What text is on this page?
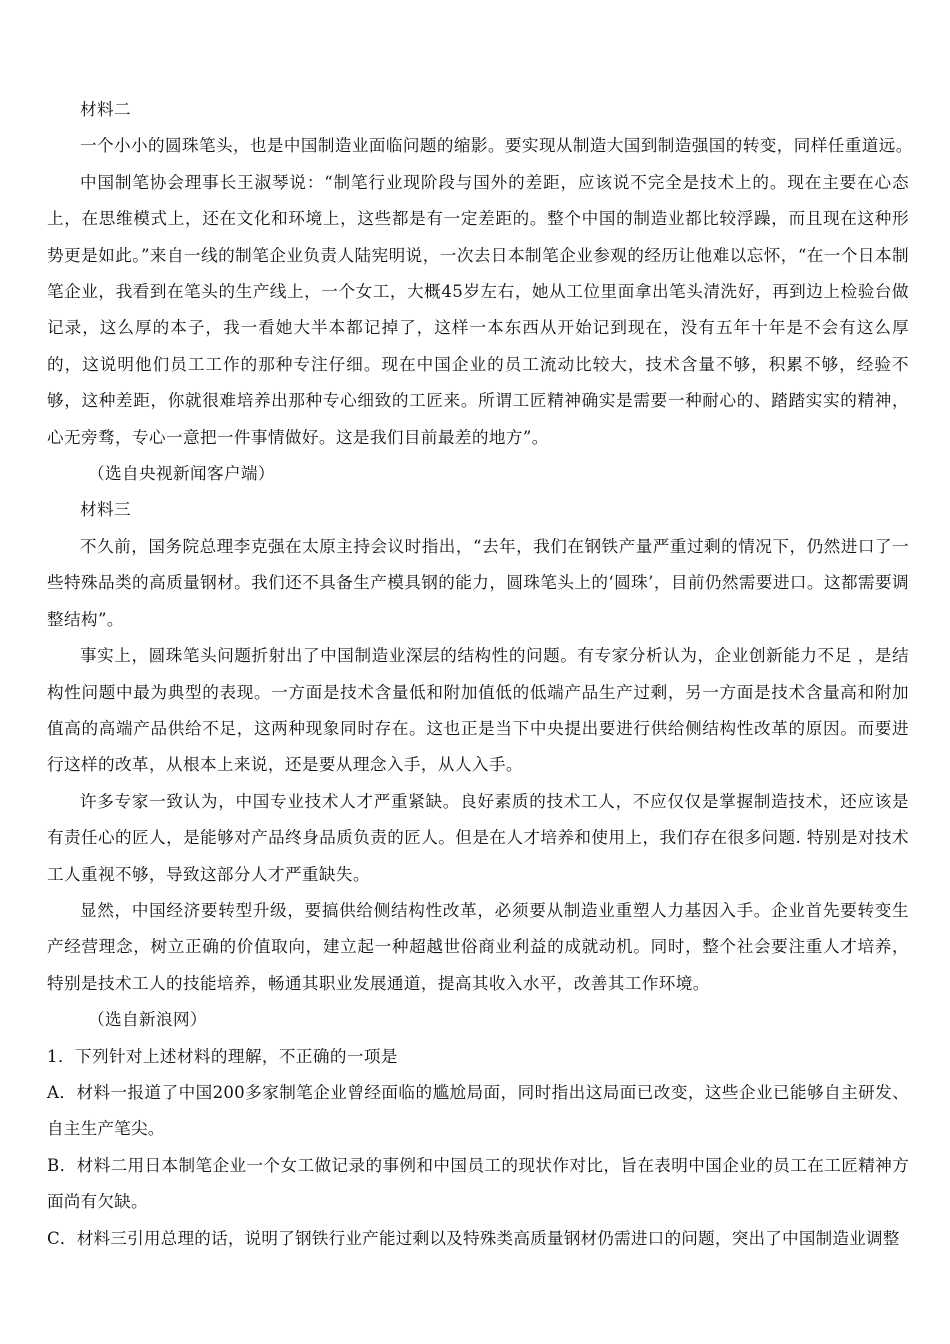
材料二
一个小小的圆珠笔头，也是中国制造业面临问题的缩影。要实现从制造大国到制造强国的转变，同样任重道远。

中国制笔协会理事长王淑琴说：“制笔行业现阶段与国外的差距，应该说不完全是技术上的。现在主要在心态上，在思维模式上，还在文化和环境上，这些都是有一定差距的。整个中国的制造业都比较浮躁，而且现在这种形势更是如此。”来自一线的制笔企业负责人陆宪明说，一次去日本制笔企业参观的经历让他难以忘怀，“在一个日本制笔企业，我看到在笔头的生产线上，一个女工，大概45岁左右，她从工位里面拿出笔头清洗好，再到边上检验台做记录，这么厚的本子，我一看她大半本都记掉了，这样一本东西从开始记到现在，没有五年十年是不会有这么厚的，这说明他们员工工作的那种专注仔细。现在中国企业的员工流动比较大，技术含量不够，积累不够，经验不够，这种差距，你就很难培养出那种专心细致的工匠来。所谓工匠精神确实是需要一种耐心的、踏踏实实的精神，心无旁骛，专心一意把一件事情做好。这是我们目前最差的地方”。

（选自央视新闻客户端）
材料三

不久前，国务院总理李克强在太原主持会议时指出，“去年，我们在钢铁产量严重过剩的情况下，仍然进口了一些特殊品类的高质量钢材。我们还不具备生产模具钢的能力，圆珠笔头上的‘圆珠’，目前仍然需要进口。这都需要调整结构”。

事实上，圆珠笔头问题折射出了中国制造业深层的结构性的问题。有专家分析认为，企业创新能力不足 ，是结构性问题中最为典型的表现。一方面是技术含量低和附加值低的低端产品生产过剩，另一方面是技术含量高和附加值高的高端产品供给不足，这两种现象同时存在。这也正是当下中央提出要进行供给侧结构性改革的原因。而要进行这样的改革，从根本上来说，还是要从理念入手，从人入手。

许多专家一致认为，中国专业技术人才严重紧缺。良好素质的技术工人，不应仅仅是掌握制造技术，还应该是有责任心的匠人，是能够对产品终身品质负责的匠人。但是在人才培养和使用上，我们存在很多问题. 特别是对技术工人重视不够，导致这部分人才严重缺失。

显然，中国经济要转型升级，要搞供给侧结构性改革，必须要从制造业重塑人力基因入手。企业首先要转变生产经营理念，树立正确的价值取向，建立起一种超越世俗商业利益的成就动机。同时，整个社会要注重人才培养，特别是技术工人的技能培养，畅通其职业发展通道，提高其收入水平，改善其工作环境。

（选自新浪网）
1．下列针对上述材料的理解，不正确的一项是

A．材料一报道了中国200多家制笔企业曾经面临的尴尬局面，同时指出这局面已改变，这些企业已能够自主研发、自主生产笔尖。

B．材料二用日本制笔企业一个女工做记录的事例和中国员工的现状作对比，旨在表明中国企业的员工在工匠精神方面尚有欠缺。

C．材料三引用总理的话，说明了钢铁行业产能过剩以及特殊类高质量钢材仍需进口的问题，突出了中国制造业调整
